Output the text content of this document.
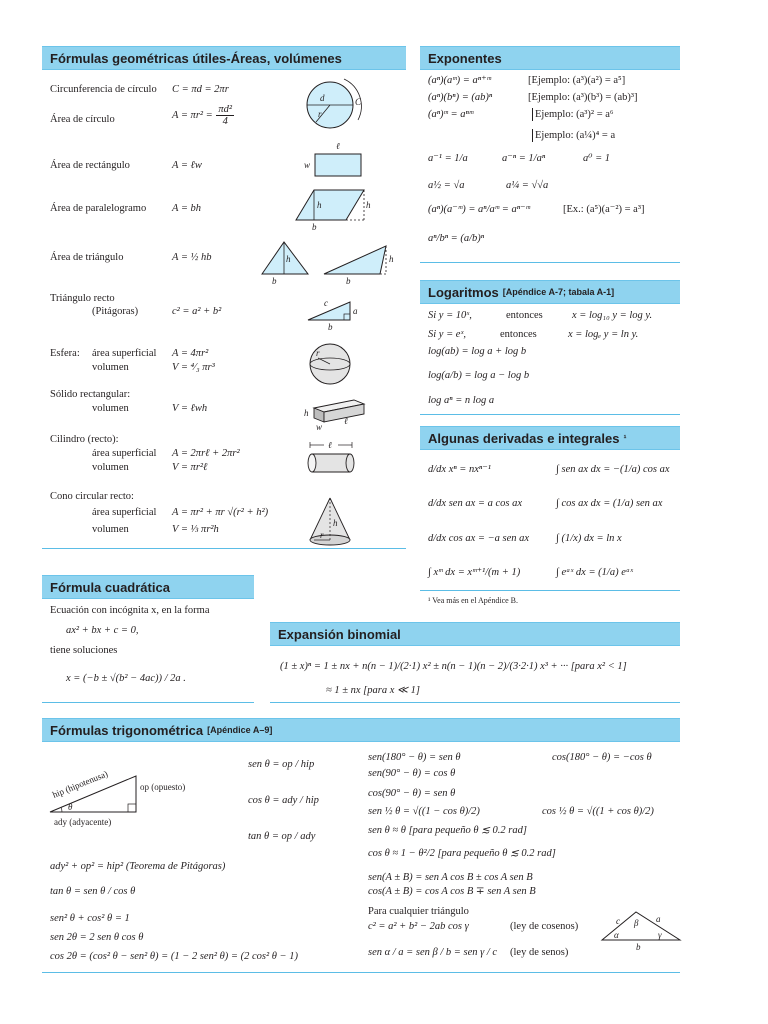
Fórmulas geométricas útiles-Áreas, volúmenes	Exponentes
Logaritmos [Apéndice A-7; tabala A-1]
Algunas derivadas e integrales ¹
Fórmula cuadrática
Expansión binomial
Fórmulas trigonométrica [Apéndice A–9]
Circunferencia de círculo C = πd = 2πr
Área de círculo	$A = \pi r^2 = \frac{\text{πd²}}{4}$
Área de rectángulo	A = ℓw
Área de paralelogramo A = bh
Área de triángulo	A = ½ hb
Triángulo recto
(Pitágoras)	c² = a² + b²
Esfera: área superficial A = 4πr²
volumen	V = ⁴⁄₃ πr³
Sólido rectangular:
volumen	V = ℓwh
Cilindro (recto):
área superficial A = 2πrℓ + 2πr²
volumen	V = πr²ℓ
Cono circular recto:
área superficial A = πr² + πr √(r² + h²)
volumen	V = ⅓ πr²h
d
r
C
ℓ
w
h	h
b
h
b
h
b
c
a
b
r
h
w
ℓ
ℓ
h
r
(aⁿ)(aᵐ) = aⁿ⁺ᵐ	[Ejemplo: (a³)(a²) = a⁵]
(aⁿ)(bⁿ) = (ab)ⁿ	[Ejemplo: (a³)(b³) = (ab)³]
(aⁿ)ᵐ = aⁿᵐ	Ejemplo: (a³)² = a⁶
Ejemplo: (a¼)⁴ = a
a⁻¹ = 1/a	a⁻ⁿ = 1/aⁿ	a⁰ = 1
a½ = √a	a¼ = √√a
(aⁿ)(a⁻ᵐ) = aⁿ/aᵐ = aⁿ⁻ᵐ	[Ex.: (a⁵)(a⁻²) = a³]
aⁿ/bⁿ = (a/b)ⁿ
Si y = 10ˣ,	entonces	x = log₁₀ y = log y.
Si y = eˣ,	entonces	x = logₑ y = ln y.
log(ab) = log a + log b
log(a/b) = log a − log b
log aⁿ = n log a
d/dx xⁿ = nxⁿ⁻¹	∫ sen ax dx = −(1/a) cos ax
d/dx sen ax = a cos ax	∫ cos ax dx = (1/a) sen ax
d/dx cos ax = −a sen ax	∫ (1/x) dx = ln x
∫ xᵐ dx = xᵐ⁺¹/(m + 1)	∫ eᵃˣ dx = (1/a) eᵃˣ
¹ Vea más en el Apéndice B.
Ecuación con incógnita x, en la forma
ax² + bx + c = 0,
tiene soluciones
x = (−b ± √(b² − 4ac)) / 2a .
(1 ± x)ⁿ = 1 ± nx + n(n − 1)/(2·1) x² ± n(n − 1)(n − 2)/(3·2·1) x³ + ··· [para x² < 1]
≈ 1 ± nx [para x ≪ 1]
θ
hip (hipotenusa)	op (opuesto)
ady (adyacente)
sen θ = op / hip
cos θ = ady / hip
tan θ = op / ady
ady² + op² = hip² (Teorema de Pitágoras)
tan θ = sen θ / cos θ
sen² θ + cos² θ = 1
sen 2θ = 2 sen θ cos θ
cos 2θ = (cos² θ − sen² θ) = (1 − 2 sen² θ) = (2 cos² θ − 1)
sen(180° − θ) = sen θ	cos(180° − θ) = −cos θ
sen(90° − θ) = cos θ
cos(90° − θ) = sen θ
sen ½ θ = √((1 − cos θ)/2)	cos ½ θ = √((1 + cos θ)/2)
sen θ ≈ θ [para pequeño θ ≲ 0.2 rad]
cos θ ≈ 1 − θ²/2 [para pequeño θ ≲ 0.2 rad]
sen(A ± B) = sen A cos B ± cos A sen B
cos(A ± B) = cos A cos B ∓ sen A sen B
Para cualquier triángulo
c² = a² + b² − 2ab cos γ	(ley de cosenos)
sen α / a = sen β / b = sen γ / c (ley de senos)
c	a
b
α
β
γ
